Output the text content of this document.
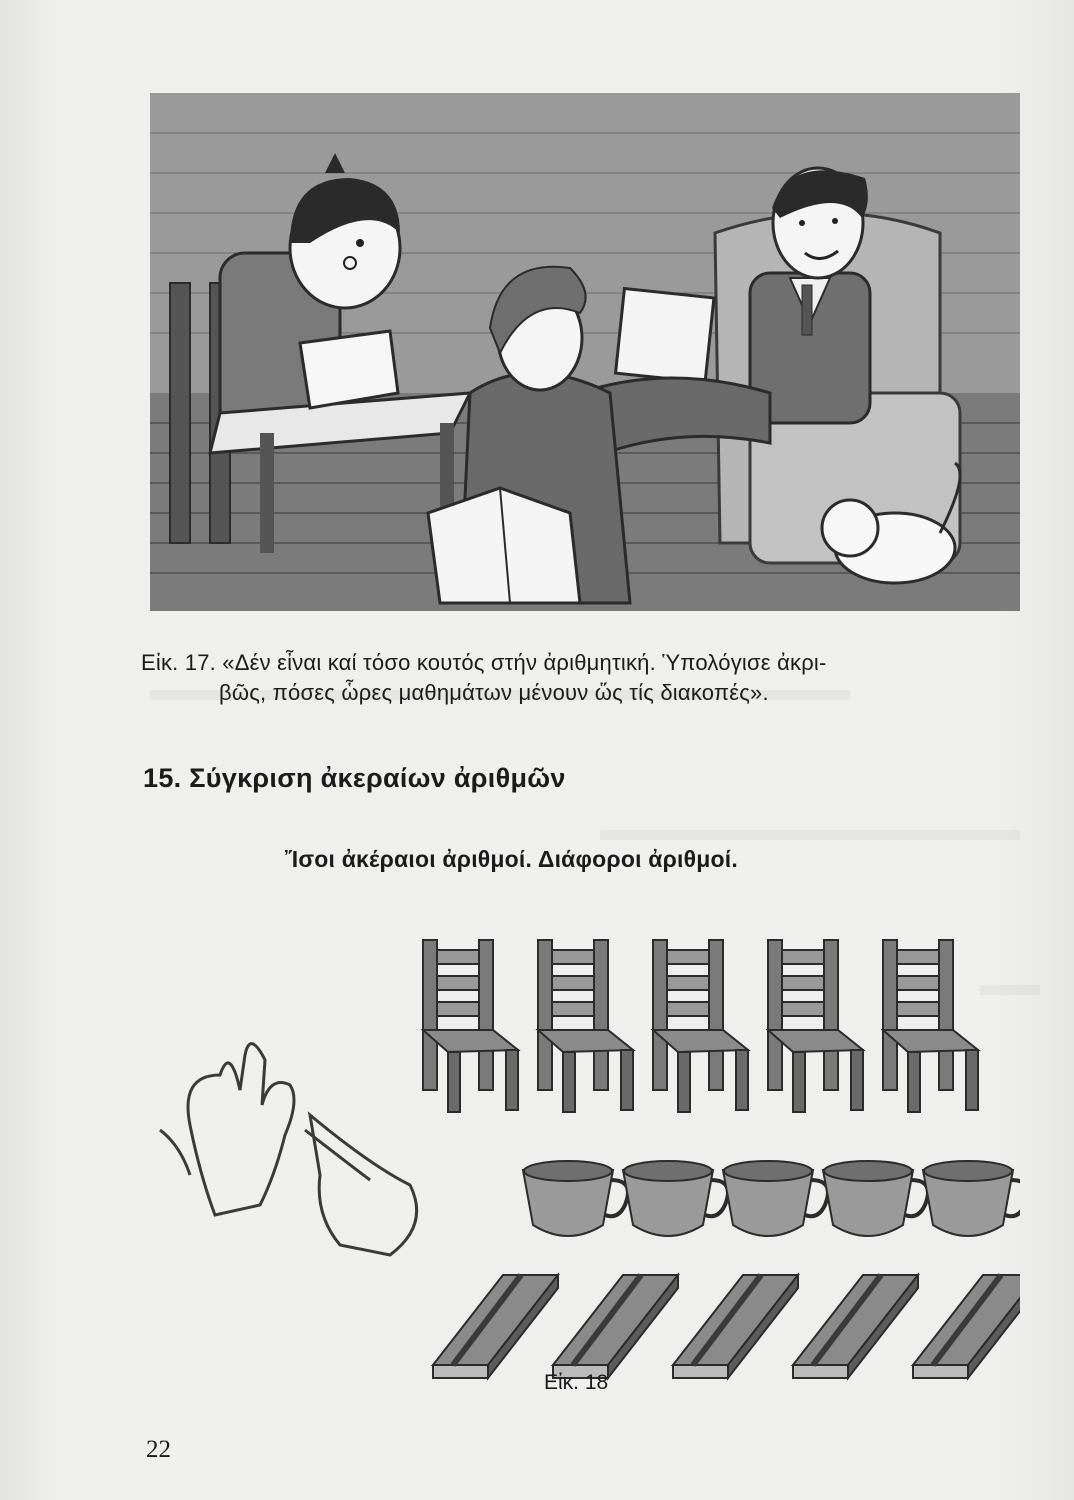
Εἰκ. 17. «Δέν εἶναι καί τόσο κουτός στήν ἀριθμητική. Ὑπολόγισε ἀκρι-
βῶς, πόσες ὧρες μαθημάτων μένουν ὥς τίς διακοπές».
15. Σύγκριση ἀκεραίων ἀριθμῶν
Ἴσοι ἀκέραιοι ἀριθμοί. Διάφοροι ἀριθμοί.
Εἰκ. 18
22
